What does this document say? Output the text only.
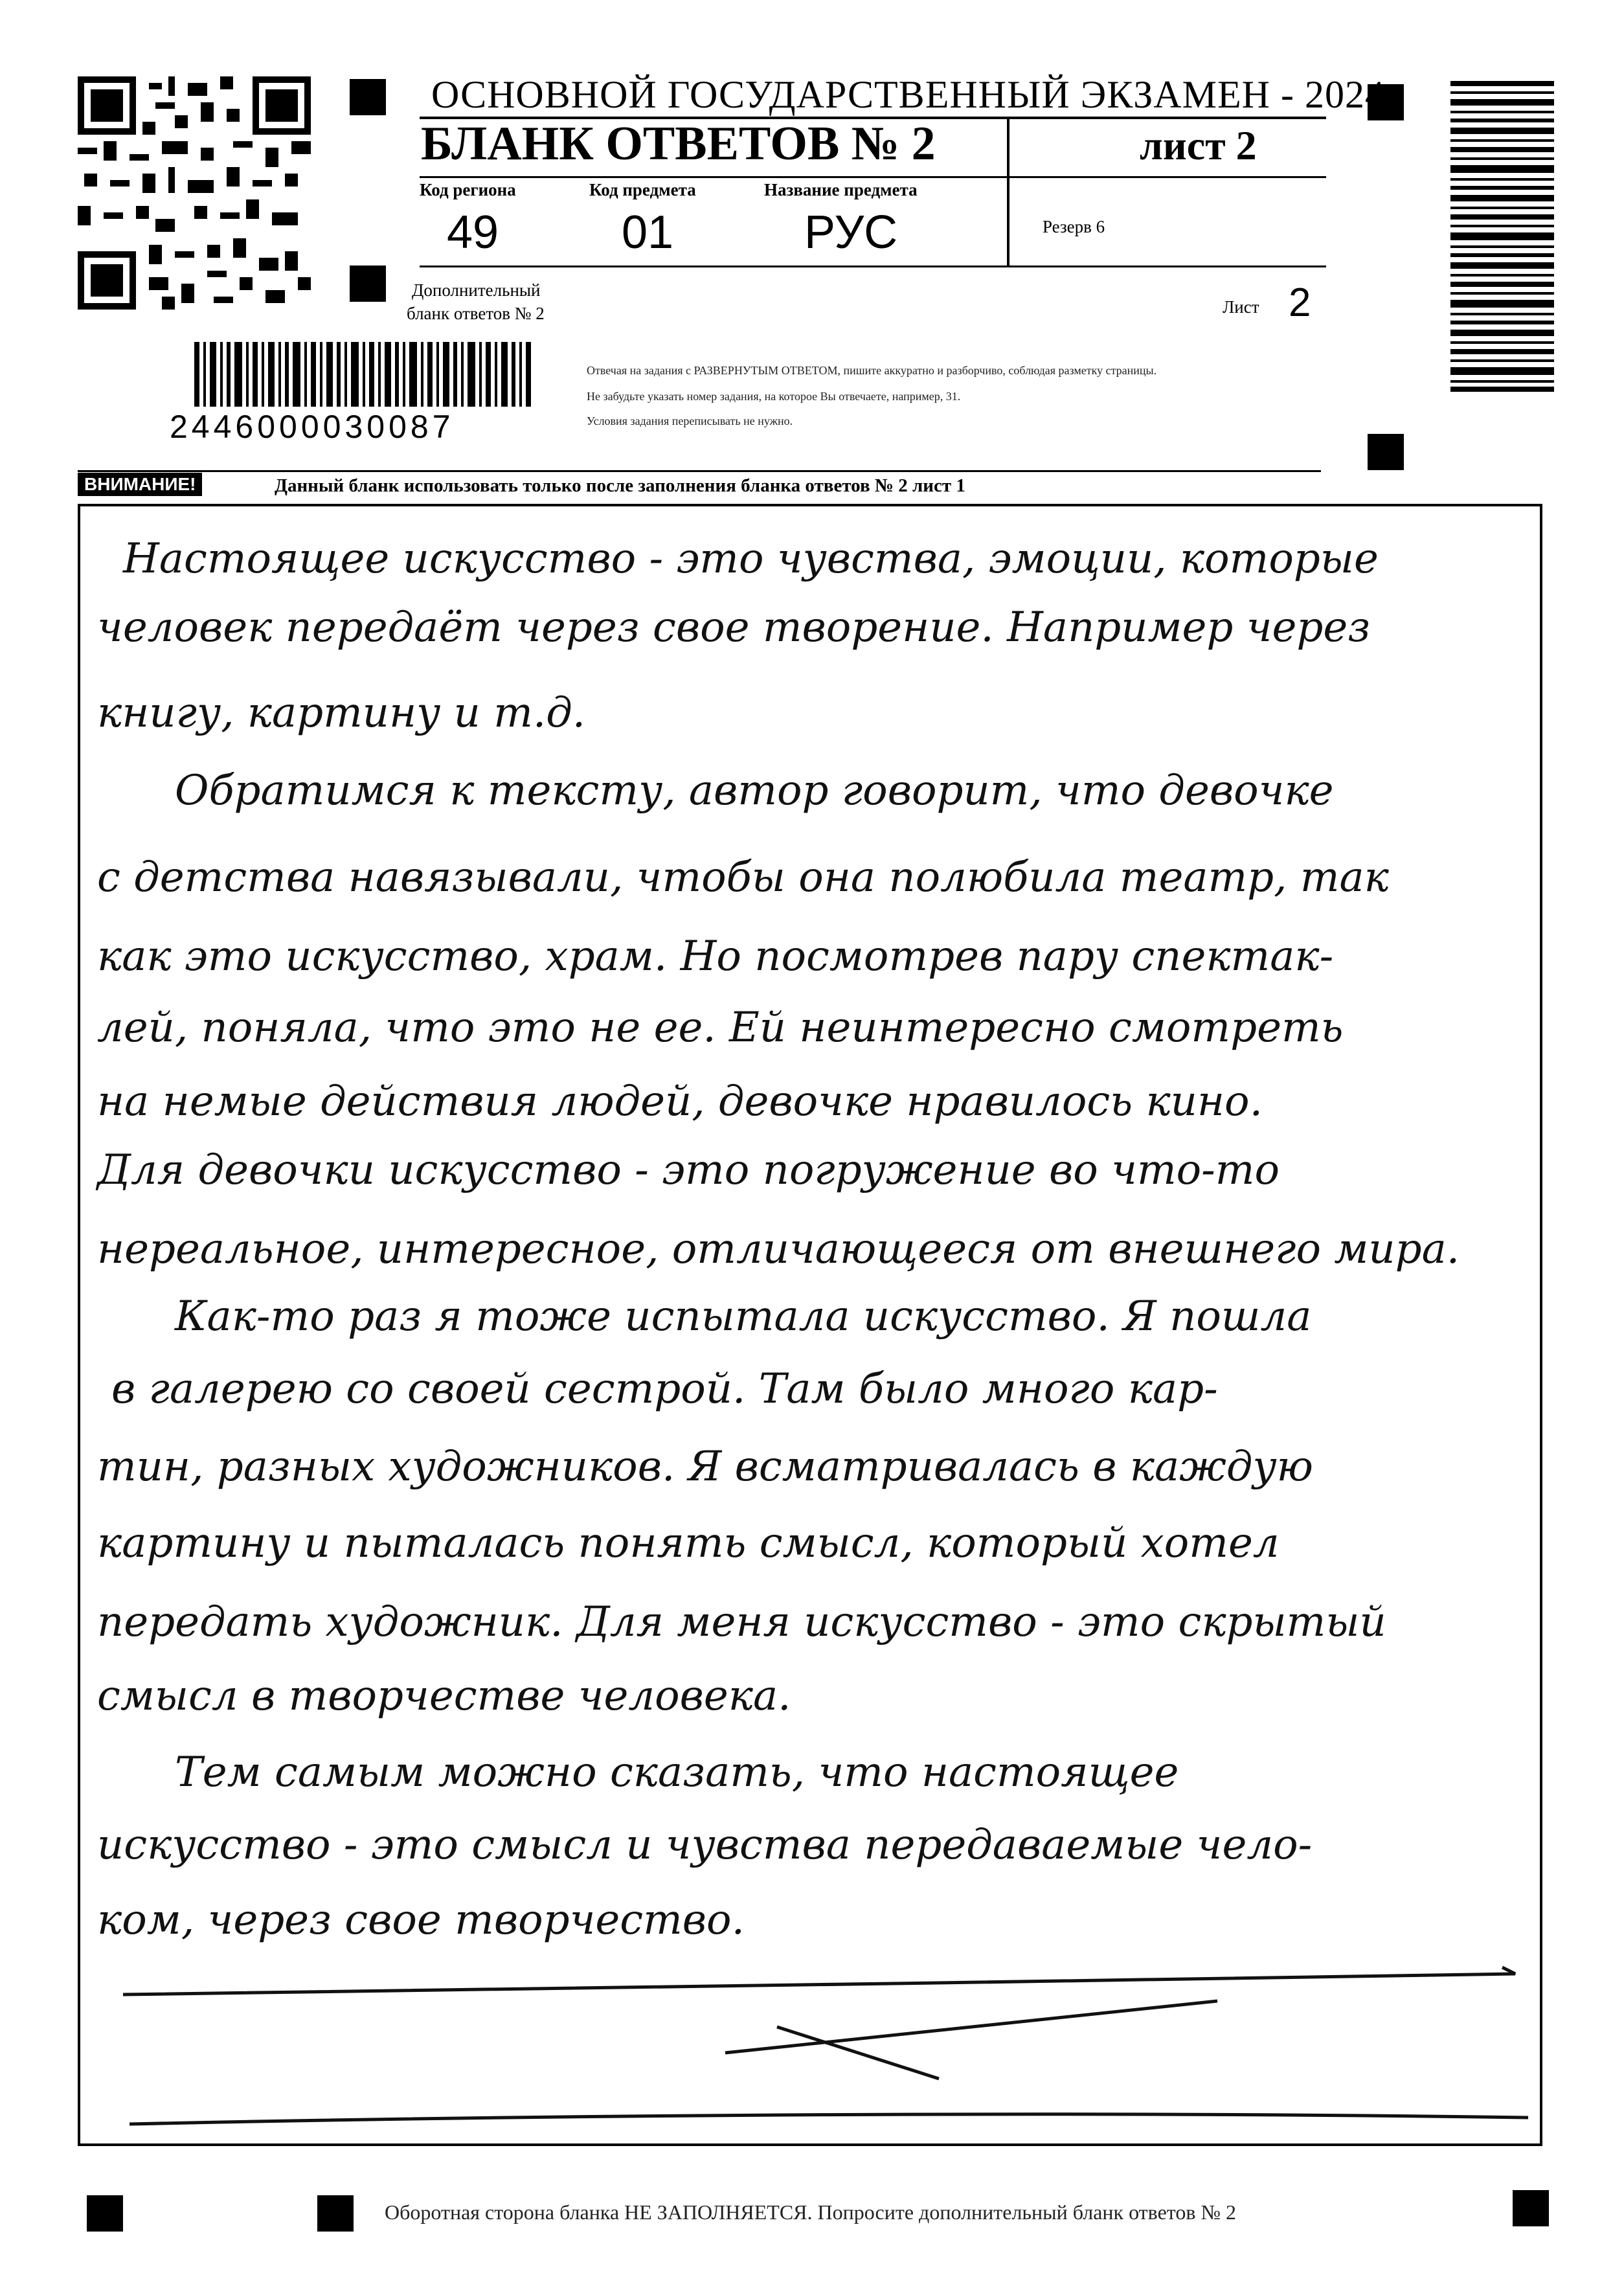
ОСНОВНОЙ ГОСУДАРСТВЕННЫЙ ЭКЗАМЕН - 2024
БЛАНК ОТВЕТОВ № 2	лист 2
Код региона
49
Код предмета
01
Название предмета
РУС	Резерв 6
Дополнительный
бланк ответов № 2	Лист 2
2446000030087
Отвечая на задания с РАЗВЕРНУТЫМ ОТВЕТОМ, пишите аккуратно и разборчиво, соблюдая разметку страницы.
Не забудьте указать номер задания, на которое Вы отвечаете, например, 31.
Условия задания переписывать не нужно.
ВНИМАНИЕ!	Данный бланк использовать только после заполнения бланка ответов № 2 лист 1
Настоящее искусство - это чувства, эмоции, которые
человек передаёт через свое творение. Например через
книгу, картину и т.д.
Обратимся к тексту, автор говорит, что девочке
с детства навязывали, чтобы она полюбила театр, так
как это искусство, храм. Но посмотрев пару спектак-
лей, поняла, что это не ее. Ей неинтересно смотреть
на немые действия людей, девочке нравилось кино.
Для девочки искусство - это погружение во что-то
нереальное, интересное, отличающееся от внешнего мира.
Как-то раз я тоже испытала искусство. Я пошла
в галерею со своей сестрой. Там было много кар-
тин, разных художников. Я всматривалась в каждую
картину и пыталась понять смысл, который хотел
передать художник. Для меня искусство - это скрытый
смысл в творчестве человека.
Тем самым можно сказать, что настоящее
искусство - это смысл и чувства передаваемые чело-
ком, через свое творчество.
Оборотная сторона бланка НЕ ЗАПОЛНЯЕТСЯ. Попросите дополнительный бланк ответов № 2
